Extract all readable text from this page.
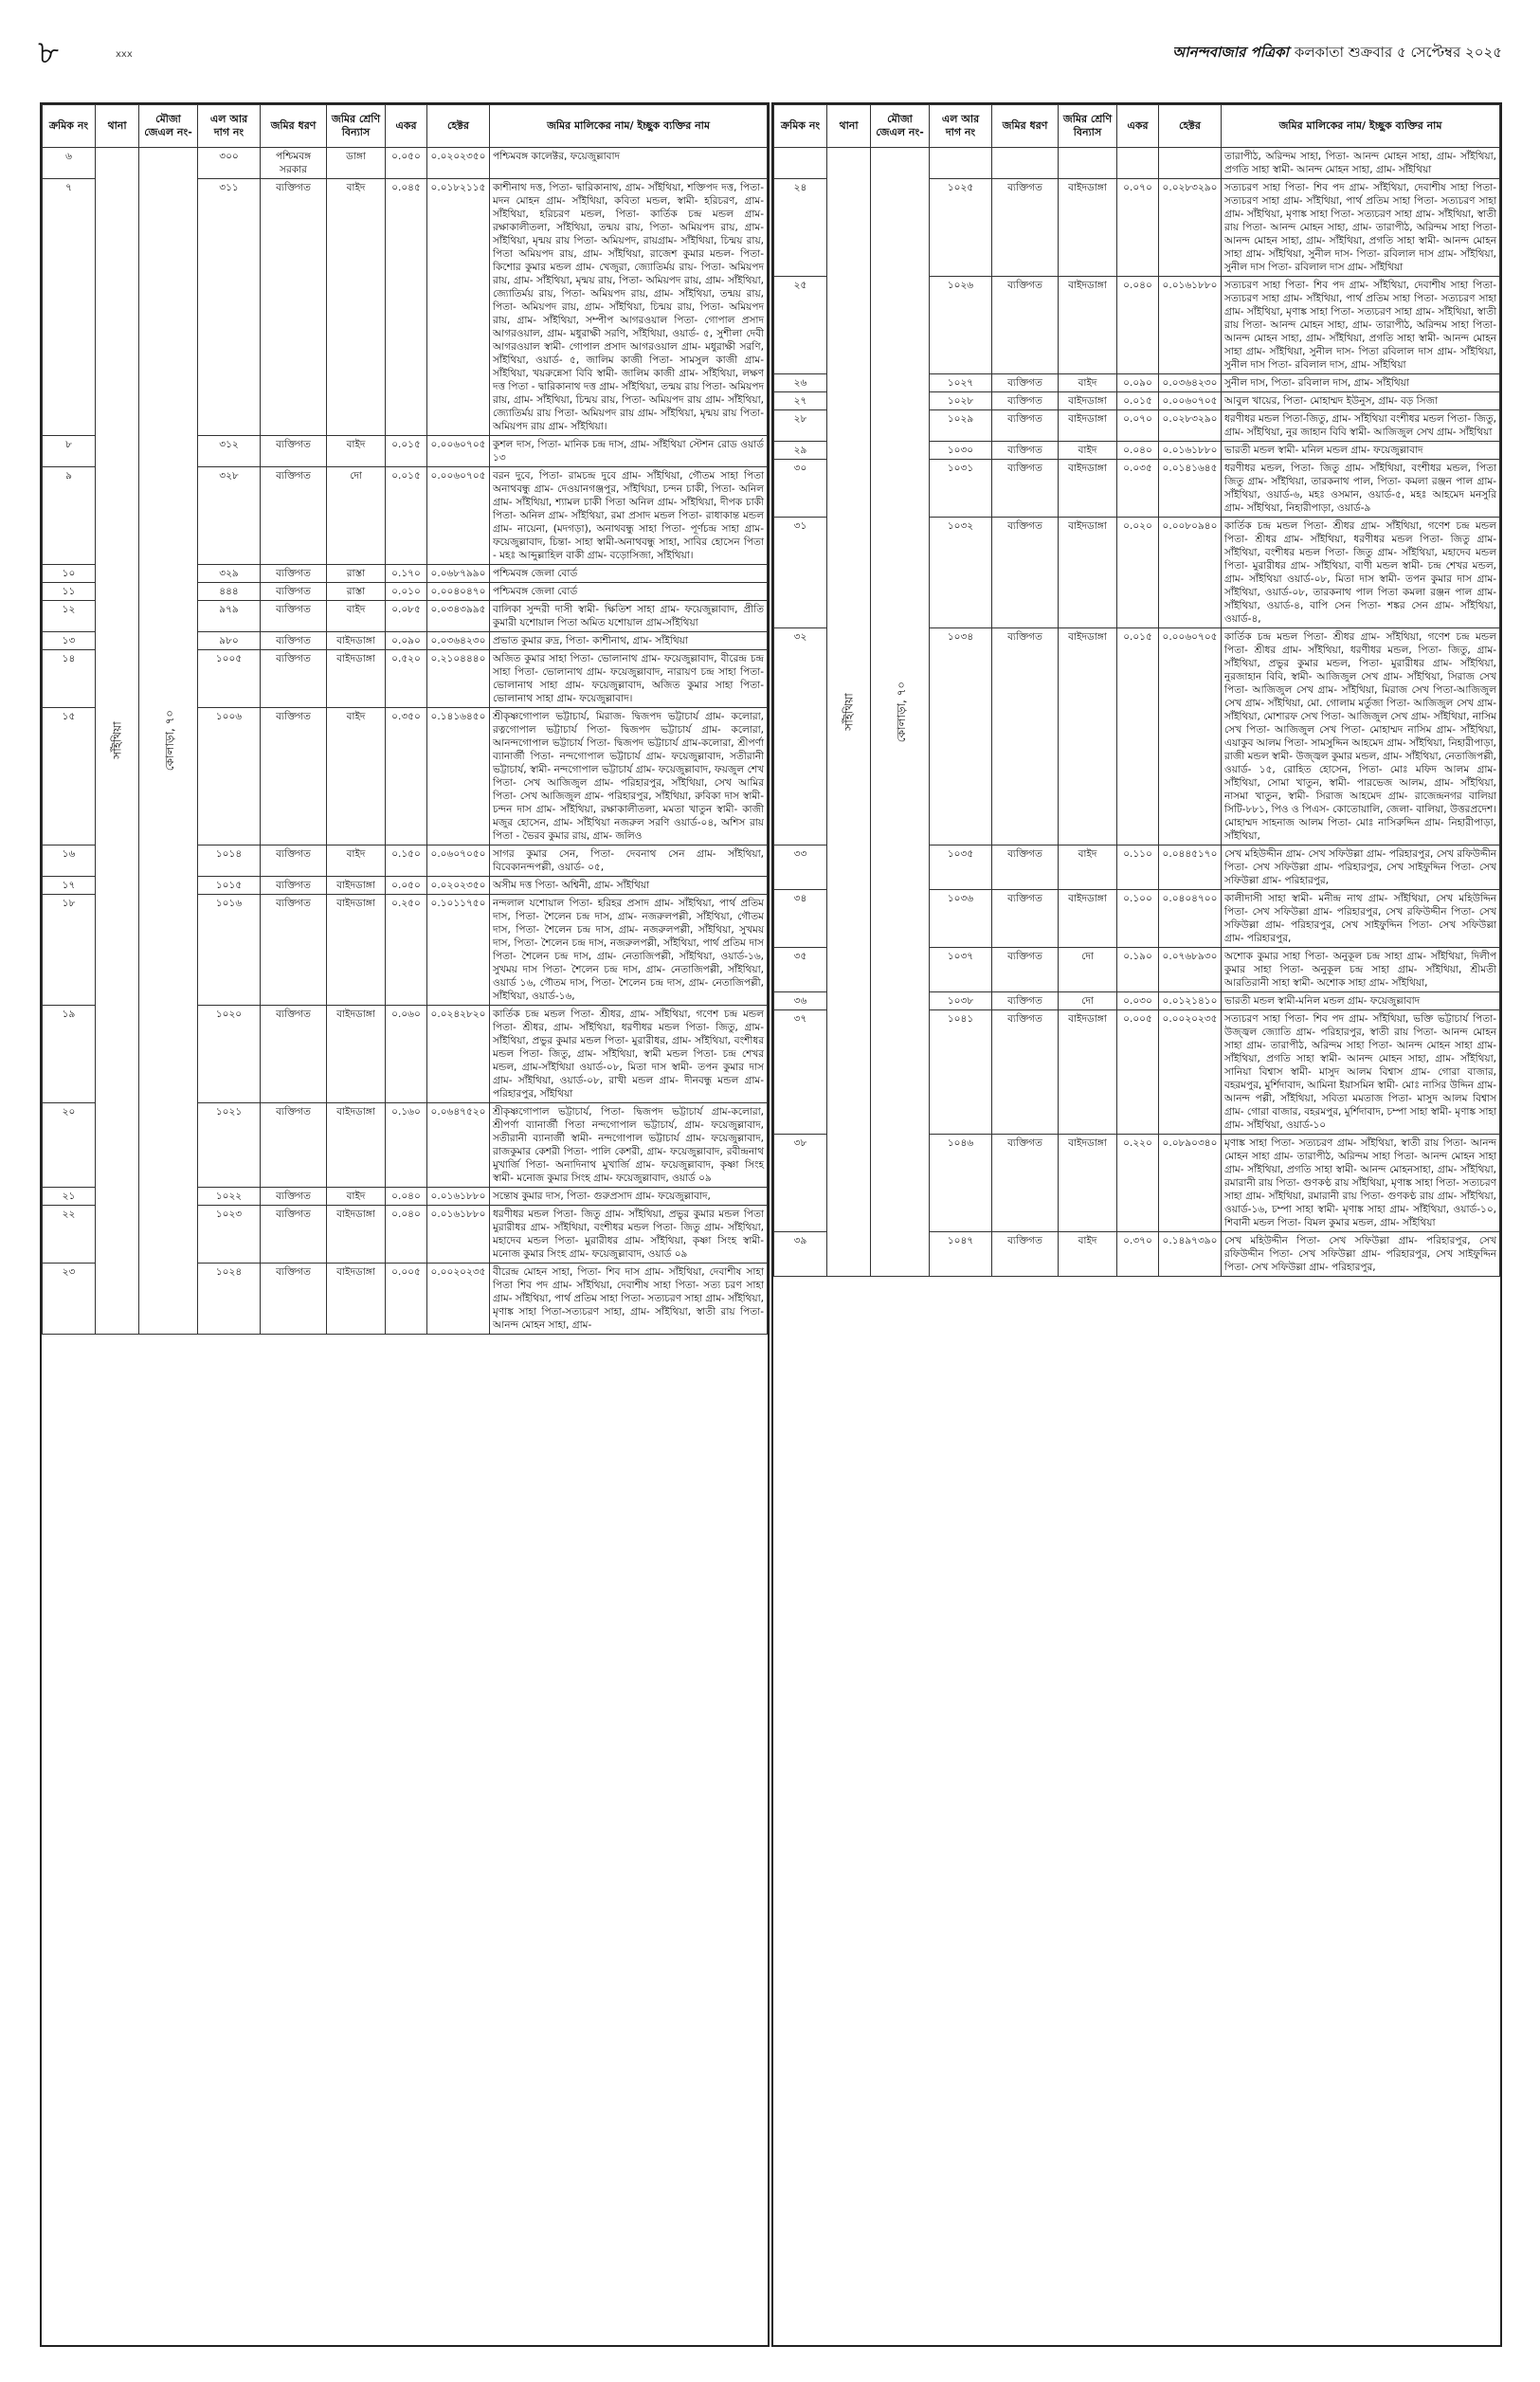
৮	xxx	আনন্দবাজার পত্রিকা কলকাতা শুক্রবার ৫ সেপ্টেম্বর ২০২৫
ক্রমিক নং	থানা	মৌজা জেএল নং-	এল আর দাগ নং	জমির ধরণ	জমির শ্রেণি বিন্যাস	একর	হেক্টর	জমির মালিকের নাম/ ইচ্ছুক ব্যক্তির নাম
৬	সাঁইথিয়া	কোলাড়া, ৭০	৩০০	পশ্চিমবঙ্গ সরকার	ডাঙ্গা	০.০৫০	০.০২০২৩৫০	পশ্চিমবঙ্গ কালেক্টর, ফয়েজুল্লাবাদ
৭			৩১১	ব্যক্তিগত	বাইদ	০.০৪৫	০.০১৮২১১৫	কাশীনাথ দত্ত, পিতা- দ্বারিকানাথ, গ্রাম- সাঁইথিয়া, শক্তিপদ দত্ত, পিতা- মদন মোহন গ্রাম- সাঁইথিয়া, কবিতা মন্ডল, স্বামী- হরিচরণ, গ্রাম- সাঁইথিয়া, হরিচরণ মন্ডল, পিতা- কার্তিক চন্দ্র মন্ডল গ্রাম- রক্ষাকালীতলা, সাঁইথিয়া, তন্ময় রায়, পিতা- অমিয়পদ রায়, গ্রাম- সাঁইথিয়া, মৃন্ময় রায় পিতা- অমিয়পদ, রায়গ্রাম- সাঁইথিয়া, চিন্ময় রায়, পিতা অমিয়পদ রায়, গ্রাম- সাঁইথিয়া, রাজেশ কুমার মন্ডল- পিতা- কিশোর কুমার মন্ডল গ্রাম- খেজুরা, জ্যোতির্ময় রায়- পিতা- অমিয়পদ রায়, গ্রাম- সাঁইথিয়া, মৃন্ময় রায়, পিতা- অমিয়পদ রায়, গ্রাম- সাঁইথিয়া, জ্যোতির্ময় রায়, পিতা- অমিয়পদ রায়, গ্রাম- সাঁইথিয়া, তন্ময় রায়, পিতা- অমিয়পদ রায়, গ্রাম- সাঁইথিয়া, চিন্ময় রায়, পিতা- অমিয়পদ রায়, গ্রাম- সাঁইথিয়া, সম্পীপ আগরওয়াল পিতা- গোপাল প্রসাদ আগরওয়াল, গ্রাম- মধুরাক্ষী সরণি, সাঁইথিয়া, ওয়ার্ড- ৫, সুশীলা দেবী আগরওয়াল স্বামী- গোপাল প্রসাদ আগরওয়াল গ্রাম- মধুরাক্ষী সরণি, সাঁইথিয়া, ওয়ার্ড- ৫, জালিম কাজী পিতা- সামসুল কাজী গ্রাম- সাঁইথিয়া, খয়রুন্নেসা বিবি স্বামী- জালিম কাজী গ্রাম- সাঁইথিয়া, লক্ষণ দত্ত পিতা - দ্বারিকানাথ দত্ত গ্রাম- সাঁইথিয়া, তন্ময় রায় পিতা- অমিয়পদ রায়, গ্রাম- সাঁইথিয়া, চিন্ময় রায়, পিতা- অমিয়পদ রায় গ্রাম- সাঁইথিয়া, জ্যোতির্ময় রায় পিতা- অমিয়পদ রায় গ্রাম- সাঁইথিয়া, মৃন্ময় রায় পিতা- অমিয়পদ রায় গ্রাম- সাঁইথিয়া।
৮			৩১২	ব্যক্তিগত	বাইদ	০.০১৫	০.০০৬০৭০৫	কুশল দাস, পিতা- মানিক চন্দ্র দাস, গ্রাম- সাঁইথিয়া স্টেশন রোড ওয়ার্ড ১৩
৯			৩২৮	ব্যক্তিগত	দো	০.০১৫	০.০০৬০৭০৫	বরন দুবে, পিতা- রামচন্দ্র দুবে গ্রাম- সাঁইথিয়া, গৌতম সাহা পিতা অনাথবন্ধু গ্রাম- দেওয়ানগঞ্জপুর, সাঁইথিয়া, চন্দন চাকী, পিতা- অনিল গ্রাম- সাঁইথিয়া, শ্যামল চাকী পিতা অনিল গ্রাম- সাঁইথিয়া, দীপক চাকী পিতা- অনিল গ্রাম- সাঁইথিয়া, রমা প্রসাদ মন্ডল পিতা- রাধাকান্ত মন্ডল গ্রাম- নায়েনা, (মদগড়া), অনাথবন্ধু সাহা পিতা- পূর্ণচন্দ্র সাহা গ্রাম- ফয়েজুল্লাবাদ, চিন্তা- সাহা স্বামী-অনাথবন্ধু সাহা, সাবির হোসেন পিতা - মহঃ আব্দুল্লাহিল বাকী গ্রাম- বড়োসিজা, সাঁইথিয়া।
১০			৩২৯	ব্যক্তিগত	রাস্তা	০.১৭০	০.০৬৮৭৯৯০	পশ্চিমবঙ্গ জেলা বোর্ড
১১			৪৪৪	ব্যক্তিগত	রাস্তা	০.০১০	০.০০৪০৪৭০	পশ্চিমবঙ্গ জেলা বোর্ড
১২			৯৭৯	ব্যক্তিগত	বাইদ	০.০৮৫	০.০৩৪৩৯৯৫	বালিকা সুন্দরী দাসী স্বামী- ক্ষিতিশ সাহা গ্রাম- ফয়েজুল্লাবাদ, প্রীতি কুমারী যশোয়াল পিতা অমিত যশোয়াল গ্রাম-সাঁইথিয়া
১৩			৯৮০	ব্যক্তিগত	বাইদডাঙ্গা	০.০৯০	০.০৩৬৪২৩০	প্রভাত কুমার রুদ্র, পিতা- কাশীনাথ, গ্রাম- সাঁইথিয়া
১৪			১০০৫	ব্যক্তিগত	বাইদডাঙ্গা	০.৫২০	০.২১০৪৪৪০	অজিত কুমার সাহা পিতা- ভোলানাথ গ্রাম- ফয়েজুল্লাবাদ, বীরেন্দ্র চন্দ্র সাহা পিতা- ভোলানাথ গ্রাম- ফয়েজুল্লাবাদ, নারায়ণ চন্দ্র সাহা পিতা- ভোলানাথ সাহা গ্রাম- ফয়েজুল্লাবাদ, অজিত কুমার সাহা পিতা- ভোলানাথ সাহা গ্রাম- ফয়েজুল্লাবাদ।
১৫			১০০৬	ব্যক্তিগত	বাইদ	০.৩৫০	০.১৪১৬৪৫০	শ্রীকৃষ্ণগোপাল ভট্টাচার্য, মিরাজ- দ্বিজপদ ভট্টাচার্য গ্রাম- কলোরা, রত্নগোপাল ভট্টাচার্য পিতা- দ্বিজপদ ভট্টাচার্য গ্রাম- কলোরা, আনন্দগোপাল ভট্টাচার্য পিতা- দ্বিজপদ ভট্টাচার্য গ্রাম-কলোরা, শ্রীপর্ণা ব্যানার্জী পিতা- নন্দগোপাল ভট্টাচার্য গ্রাম- ফয়েজুল্লাবাদ, সতীরানী ভট্টাচার্য, স্বামী- নন্দগোপাল ভট্টাচার্য গ্রাম- ফয়েজুল্লাবাদ, ফয়জুল শেখ পিতা- সেখ আজিজুল গ্রাম- পরিহারপুর, সাঁইথিয়া, সেখ আমির পিতা- সেখ আজিজুল গ্রাম- পরিহারপুর, সাঁইথিয়া, রুবিকা দাস স্বামী- চন্দন দাস গ্রাম- সাঁইথিয়া, রক্ষাকালীতলা, মমতা খাতুন স্বামী- কাজী মজুর হোসেন, গ্রাম- সাঁইথিয়া নজরুল সরণি ওয়ার্ড-০৪, অশিস রায় পিতা - ভৈরব কুমার রায়, গ্রাম- জলিও
১৬			১০১৪	ব্যক্তিগত	বাইদ	০.১৫০	০.০৬০৭০৫০	সাগর কুমার সেন, পিতা- দেবনাথ সেন গ্রাম- সাঁইথিয়া, বিবেকানন্দপল্লী, ওয়ার্ড- ০৫,
১৭			১০১৫	ব্যক্তিগত	বাইদডাঙ্গা	০.০৫০	০.০২০২৩৫০	অসীম দত্ত পিতা- অশ্বিনী, গ্রাম- সাঁইথিয়া
১৮			১০১৬	ব্যক্তিগত	বাইদডাঙ্গা	০.২৫০	০.১০১১৭৫০	নন্দলাল যশোয়াল পিতা- হরিহর প্রসাদ গ্রাম- সাঁইথিয়া, পার্থ প্রতিম দাস, পিতা- শৈলেন চন্দ্র দাস, গ্রাম- নজরুলপল্লী, সাঁইথিয়া, গৌতম দাস, পিতা- শৈলেন চন্দ্র দাস, গ্রাম- নজরুলপল্লী, সাঁইথিয়া, সুখময় দাস, পিতা- শৈলেন চন্দ্র দাস, নজরুলপল্লী, সাঁইথিয়া, পার্থ প্রতিম দাস পিতা- শৈলেন চন্দ্র দাস, গ্রাম- নেতাজিপল্লী, সাঁইথিয়া, ওয়ার্ড-১৬, সুখময় দাস পিতা- শৈলেন চন্দ্র দাস, গ্রাম- নেতাজিপল্লী, সাঁইথিয়া, ওয়ার্ড ১৬, গৌতম দাস, পিতা- শৈলেন চন্দ্র দাস, গ্রাম- নেতাজিপল্লী, সাঁইথিয়া, ওয়ার্ড-১৬,
১৯			১০২০	ব্যক্তিগত	বাইদডাঙ্গা	০.০৬০	০.০২৪২৮২০	কার্তিক চন্দ্র মন্ডল পিতা- শ্রীধর, গ্রাম- সাঁইথিয়া, গণেশ চন্দ্র মন্ডল পিতা- শ্রীধর, গ্রাম- সাঁইথিয়া, ধরণীধর মন্ডল পিতা- জিতু, গ্রাম- সাঁইথিয়া, প্রভুর কুমার মন্ডল পিতা- মুরারীধর, গ্রাম- সাঁইথিয়া, বংশীধর মন্ডল পিতা- জিতু, গ্রাম- সাঁইথিয়া, স্বামী মন্ডল পিতা- চন্দ্র শেখর মন্ডল, গ্রাম-সাঁইথিয়া ওয়ার্ড-০৮, মিতা দাস স্বামী- তপন কুমার দাস গ্রাম- সাঁইথিয়া, ওয়ার্ড-০৮, রাখী মন্ডল গ্রাম- দীনবন্ধু মন্ডল গ্রাম- পরিহারপুর, সাঁইথিয়া
২০			১০২১	ব্যক্তিগত	বাইদডাঙ্গা	০.১৬০	০.০৬৪৭৫২০	শ্রীকৃষ্ণগোপাল ভট্টাচার্য, পিতা- দ্বিজপদ ভট্টাচার্য গ্রাম-কলোরা, শ্রীপর্ণা ব্যানার্জী পিতা নন্দগোপাল ভট্টাচার্য, গ্রাম- ফয়েজুল্লাবাদ, সতীরানী ব্যানার্জী স্বামী- নন্দগোপাল ভট্টাচার্য গ্রাম- ফয়েজুল্লাবাদ, রাজকুমার কেশরী পিতা- পালি কেশরী, গ্রাম- ফয়েজুল্লাবাদ, রবীন্দ্রনাথ মুখার্জি পিতা- অনাদিনাথ মুখার্জি গ্রাম- ফয়েজুল্লাবাদ, কৃষ্ণা সিংহ স্বামী- মনোজ কুমার সিংহ গ্রাম- ফয়েজুল্লাবাদ, ওয়ার্ড ০৯
২১			১০২২	ব্যক্তিগত	বাইদ	০.০৪০	০.০১৬১৮৮০	সন্তোষ কুমার দাস, পিতা- গুরুপ্রসাদ গ্রাম- ফয়েজুল্লাবাদ,
২২			১০২৩	ব্যক্তিগত	বাইদডাঙ্গা	০.০৪০	০.০১৬১৮৮০	ধরণীধর মন্ডল পিতা- জিতু গ্রাম- সাঁইথিয়া, প্রভুর কুমার মন্ডল পিতা মুরারীধর গ্রাম- সাঁইথিয়া, বংশীধর মন্ডল পিতা- জিতু গ্রাম- সাঁইথিয়া, মহাদেব মন্ডল পিতা- মুরারীধর গ্রাম- সাঁইথিয়া, কৃষ্ণা সিংহ স্বামী- মনোজ কুমার সিংহ গ্রাম- ফয়েজুল্লাবাদ, ওয়ার্ড ০৯
২৩			১০২৪	ব্যক্তিগত	বাইদডাঙ্গা	০.০০৫	০.০০২০২৩৫	বীরেন্দ্র মোহন সাহা, পিতা- শিব দাস গ্রাম- সাঁইথিয়া, দেবাশীষ সাহা পিতা শিব পদ গ্রাম- সাঁইথিয়া, দেবাশীষ সাহা পিতা- সত্য চরণ সাহা গ্রাম- সাঁইথিয়া, পার্থ প্রতিম সাহা পিতা- সত্যচরণ সাহা গ্রাম- সাঁইথিয়া, মৃণাঙ্ক সাহা পিতা-সত্যচরণ সাহা, গ্রাম- সাঁইথিয়া, স্বাতী রায় পিতা-আনন্দ মোহন সাহা, গ্রাম-
ক্রমিক নং	থানা	মৌজা জেএল নং-	এল আর দাগ নং	জমির ধরণ	জমির শ্রেণি বিন্যাস	একর	হেক্টর	জমির মালিকের নাম/ ইচ্ছুক ব্যক্তির নাম
	সাঁইথিয়া	কোলাড়া, ৭০						তারাপীঠ, অরিন্দম সাহা, পিতা- আনন্দ মোহন সাহা, গ্রাম- সাঁইথিয়া, প্রগতি সাহা স্বামী- আনন্দ মোহন সাহা, গ্রাম- সাঁইথিয়া
২৪			১০২৫	ব্যক্তিগত	বাইদডাঙ্গা	০.০৭০	০.০২৮৩২৯০	সত্যচরণ সাহা পিতা- শিব পদ গ্রাম- সাঁইথিয়া, দেবাশীষ সাহা পিতা- সত্যচরণ সাহা গ্রাম- সাঁইথিয়া, পার্থ প্রতিম সাহা পিতা- সত্যচরণ সাহা গ্রাম- সাঁইথিয়া, মৃণাঙ্ক সাহা পিতা- সত্যচরণ সাহা গ্রাম- সাঁইথিয়া, স্বাতী রায় পিতা- আনন্দ মোহন সাহা, গ্রাম- তারাপীঠ, অরিন্দম সাহা পিতা-আনন্দ মোহন সাহা, গ্রাম- সাঁইথিয়া, প্রগতি সাহা স্বামী- আনন্দ মোহন সাহা গ্রাম- সাঁইথিয়া, সুনীল দাস- পিতা- রবিলাল দাস গ্রাম- সাঁইথিয়া, সুনীল দাস পিতা- রবিলাল দাস গ্রাম- সাঁইথিয়া
২৫			১০২৬	ব্যক্তিগত	বাইদডাঙ্গা	০.০৪০	০.০১৬১৮৮০	সত্যচরণ সাহা পিতা- শিব পদ গ্রাম- সাঁইথিয়া, দেবাশীষ সাহা পিতা- সত্যচরণ সাহা গ্রাম- সাঁইথিয়া, পার্থ প্রতিম সাহা পিতা- সত্যচরণ সাহা গ্রাম- সাঁইথিয়া, মৃণাঙ্ক সাহা পিতা- সত্যচরণ সাহা গ্রাম- সাঁইথিয়া, স্বাতী রায় পিতা- আনন্দ মোহন সাহা, গ্রাম- তারাপীঠ, অরিন্দম সাহা পিতা-আনন্দ মোহন সাহা, গ্রাম- সাঁইথিয়া, প্রগতি সাহা স্বামী- আনন্দ মোহন সাহা গ্রাম- সাঁইথিয়া, সুনীল দাস- পিতা রবিলাল দাস গ্রাম- সাঁইথিয়া, সুনীল দাস পিতা- রবিলাল দাস, গ্রাম- সাঁইথিয়া
২৬			১০২৭	ব্যক্তিগত	বাইদ	০.০৯০	০.০৩৬৪২৩০	সুনীল দাস, পিতা- রবিলাল দাস, গ্রাম- সাঁইথিয়া
২৭			১০২৮	ব্যক্তিগত	বাইদডাঙ্গা	০.০১৫	০.০০৬০৭০৫	আবুল খায়ের, পিতা- মোহাম্মদ ইউনুস, গ্রাম- বড় সিজা
২৮			১০২৯	ব্যক্তিগত	বাইদডাঙ্গা	০.০৭০	০.০২৮৩২৯০	ধরণীধর মন্ডল পিতা-জিতু, গ্রাম- সাঁইথিয়া বংশীধর মন্ডল পিতা- জিতু, গ্রাম- সাঁইথিয়া, নুর জাহান বিবি স্বামী- আজিজুল সেখ গ্রাম- সাঁইথিয়া
২৯			১০৩০	ব্যক্তিগত	বাইদ	০.০৪০	০.০১৬১৮৮০	ভারতী মন্ডল স্বামী- মনিল মন্ডল গ্রাম- ফয়েজুল্লাবাদ
৩০			১০৩১	ব্যক্তিগত	বাইদডাঙ্গা	০.০৩৫	০.০১৪১৬৪৫	ধরণীধর মন্ডল, পিতা- জিতু গ্রাম- সাঁইথিয়া, বংশীধর মন্ডল, পিতা জিতু গ্রাম- সাঁইথিয়া, তারকনাথ পাল, পিতা- কমলা রঞ্জন পাল গ্রাম- সাঁইথিয়া, ওয়ার্ড-৬, মহঃ ওসমান, ওয়ার্ড-৫, মহঃ আহমেদ মনসুরি গ্রাম- সাঁইথিয়া, নিহারীপাড়া, ওয়ার্ড-৯
৩১			১০৩২	ব্যক্তিগত	বাইদডাঙ্গা	০.০২০	০.০০৮০৯৪০	কার্তিক চন্দ্র মন্ডল পিতা- শ্রীধর গ্রাম- সাঁইথিয়া, গণেশ চন্দ্র মন্ডল পিতা- শ্রীধর গ্রাম- সাঁইথিয়া, ধরণীধর মন্ডল পিতা- জিতু গ্রাম- সাঁইথিয়া, বংশীধর মন্ডল পিতা- জিতু গ্রাম- সাঁইথিয়া, মহাদেব মন্ডল পিতা- মুরারীধর গ্রাম- সাঁইথিয়া, বাণী মন্ডল স্বামী- চন্দ্র শেখর মন্ডল, গ্রাম- সাঁইথিয়া ওয়ার্ড-০৮, মিতা দাস স্বামী- তপন কুমার দাস গ্রাম- সাঁইথিয়া, ওয়ার্ড-০৮, তারকনাথ পাল পিতা কমলা রঞ্জন পাল গ্রাম- সাঁইথিয়া, ওয়ার্ড-৪, বাপি সেন পিতা- শঙ্কর সেন গ্রাম- সাঁইথিয়া, ওয়ার্ড-৪,
৩২			১০৩৪	ব্যক্তিগত	বাইদডাঙ্গা	০.০১৫	০.০০৬০৭০৫	কার্তিক চন্দ্র মন্ডল পিতা- শ্রীধর গ্রাম- সাঁইথিয়া, গণেশ চন্দ্র মন্ডল পিতা- শ্রীধর গ্রাম- সাঁইথিয়া, ধরণীধর মন্ডল, পিতা- জিতু, গ্রাম- সাঁইথিয়া, প্রভুর কুমার মন্ডল, পিতা- মুরারীধর গ্রাম- সাঁইথিয়া, নুরজাহান বিবি, স্বামী- আজিজুল সেখ গ্রাম- সাঁইথিয়া, সিরাজ সেখ পিতা- আজিজুল সেখ গ্রাম- সাঁইথিয়া, মিরাজ সেখ পিতা-আজিজুল সেখ গ্রাম- সাঁইথিয়া, মো. গোলাম মর্তুজা পিতা- আজিজুল সেখ গ্রাম- সাঁইথিয়া, মোশারফ সেখ পিতা- আজিজুল সেখ গ্রাম- সাঁইথিয়া, নাসিম সেখ পিতা- আজিজুল সেখ পিতা- মোহাম্মদ নাসিম গ্রাম- সাঁইথিয়া, এয়াকুব আলম পিতা- সামসুদ্দিন আহমেদ গ্রাম- সাঁইথিয়া, নিহারীপাড়া, রাজী মন্ডল স্বামী- উজ্জ্বল কুমার মন্ডল, গ্রাম- সাঁইথিয়া, নেতাজিপল্লী, ওয়ার্ড- ১৫, রোহিত হোসেন, পিতা- মোঃ মফিদ আলম গ্রাম- সাঁইথিয়া, সোমা খাতুন, স্বামী- পারভেজ আলম, গ্রাম- সাঁইথিয়া, নাসমা খাতুন, স্বামী- সিরাজ আহমেদ গ্রাম- রাজেন্দ্রনগর বালিয়া সিটি-৮৮১, পিও ও পিএস- কোতোয়ালি, জেলা- বালিয়া, উত্তরপ্রদেশ। মোহাম্মদ সাহনাজ আলম পিতা- মোঃ নাসিরুদ্দিন গ্রাম- নিহারীপাড়া, সাঁইথিয়া,
৩৩			১০৩৫	ব্যক্তিগত	বাইদ	০.১১০	০.০৪৪৫১৭০	সেখ মহিউদ্দীন গ্রাম- সেখ সফিউল্লা গ্রাম- পরিহারপুর, সেখ রফিউদ্দীন পিতা- সেখ সফিউল্লা গ্রাম- পরিহারপুর, সেখ সাইফুদ্দিন পিতা- সেখ সফিউল্লা গ্রাম- পরিহারপুর,
৩৪			১০৩৬	ব্যক্তিগত	বাইদডাঙ্গা	০.১০০	০.০৪০৪৭০০	কালীদাসী সাহা স্বামী- মনীন্দ্র নাথ গ্রাম- সাঁইথিয়া, সেখ মহিউদ্দিন পিতা- সেখ সফিউল্লা গ্রাম- পরিহারপুর, সেখ রফিউদ্দীন পিতা- সেখ সফিউল্লা গ্রাম- পরিহারপুর, সেখ সাইফুদ্দিন পিতা- সেখ সফিউল্লা গ্রাম- পরিহারপুর,
৩৫			১০৩৭	ব্যক্তিগত	দো	০.১৯০	০.০৭৬৮৯৩০	অশোক কুমার সাহা পিতা- অনুকূল চন্দ্র সাহা গ্রাম- সাঁইথিয়া, দিলীপ কুমার সাহা পিতা- অনুকূল চন্দ্র সাহা গ্রাম- সাঁইথিয়া, শ্রীমতী আরতিরানী সাহা স্বামী- অশোক সাহা গ্রাম- সাঁইথিয়া,
৩৬			১০৩৮	ব্যক্তিগত	দো	০.০৩০	০.০১২১৪১০	ভারতী মন্ডল স্বামী-মনিল মন্ডল গ্রাম- ফয়েজুল্লাবাদ
৩৭			১০৪১	ব্যক্তিগত	বাইদডাঙ্গা	০.০০৫	০.০০২০২৩৫	সত্যচরণ সাহা পিতা- শিব পদ গ্রাম- সাঁইথিয়া, ভক্তি ভট্টাচার্য পিতা- উজ্জ্বল জ্যোতি গ্রাম- পরিহারপুর, স্বাতী রায় পিতা- আনন্দ মোহন সাহা গ্রাম- তারাপীঠ, অরিন্দম সাহা পিতা- আনন্দ মোহন সাহা গ্রাম- সাঁইথিয়া, প্রগতি সাহা স্বামী- আনন্দ মোহন সাহা, গ্রাম- সাঁইথিয়া, সানিয়া বিশ্বাস স্বামী- মাসুদ আলম বিশ্বাস গ্রাম- গোরা বাজার, বহরমপুর, মুর্শিদাবাদ, আমিনা ইয়াসমিন স্বামী- মোঃ নাসির উদ্দিন গ্রাম- আনন্দ পল্লী, সাঁইথিয়া, সবিতা মমতাজ পিতা- মাসুদ আলম বিশ্বাস গ্রাম- গোরা বাজার, বহরমপুর, মুর্শিদাবাদ, চম্পা সাহা স্বামী- মৃণাঙ্ক সাহা গ্রাম- সাঁইথিয়া, ওয়ার্ড-১০
৩৮			১০৪৬	ব্যক্তিগত	বাইদডাঙ্গা	০.২২০	০.০৮৯০৩৪০	মৃণাঙ্ক সাহা পিতা- সত্যচরণ গ্রাম- সাঁইথিয়া, স্বাতী রায় পিতা- আনন্দ মোহন সাহা গ্রাম- তারাপীঠ, অরিন্দম সাহা পিতা- আনন্দ মোহন সাহা গ্রাম- সাঁইথিয়া, প্রগতি সাহা স্বামী- আনন্দ মোহনসাহা, গ্রাম- সাঁইথিয়া, রমারানী রায় পিতা- গুণকণ্ঠ রায় সাঁইথিয়া, মৃণাঙ্ক সাহা পিতা- সত্যচরণ সাহা গ্রাম- সাঁইথিয়া, রমারানী রায় পিতা- গুণকণ্ঠ রায় গ্রাম- সাঁইথিয়া, ওয়ার্ড-১৬, চম্পা সাহা স্বামী- মৃণাঙ্ক সাহা গ্রাম- সাঁইথিয়া, ওয়ার্ড-১০, শিবানী মন্ডল পিতা- বিমল কুমার মন্ডল, গ্রাম- সাঁইথিয়া
৩৯			১০৪৭	ব্যক্তিগত	বাইদ	০.৩৭০	০.১৪৯৭৩৯০	সেখ মহিউদ্দীন পিতা- সেখ সফিউল্লা গ্রাম- পরিহারপুর, সেখ রফিউদ্দীন পিতা- সেখ সফিউল্লা গ্রাম- পরিহারপুর, সেখ সাইফুদ্দিন পিতা- সেখ সফিউল্লা গ্রাম- পরিহারপুর,
